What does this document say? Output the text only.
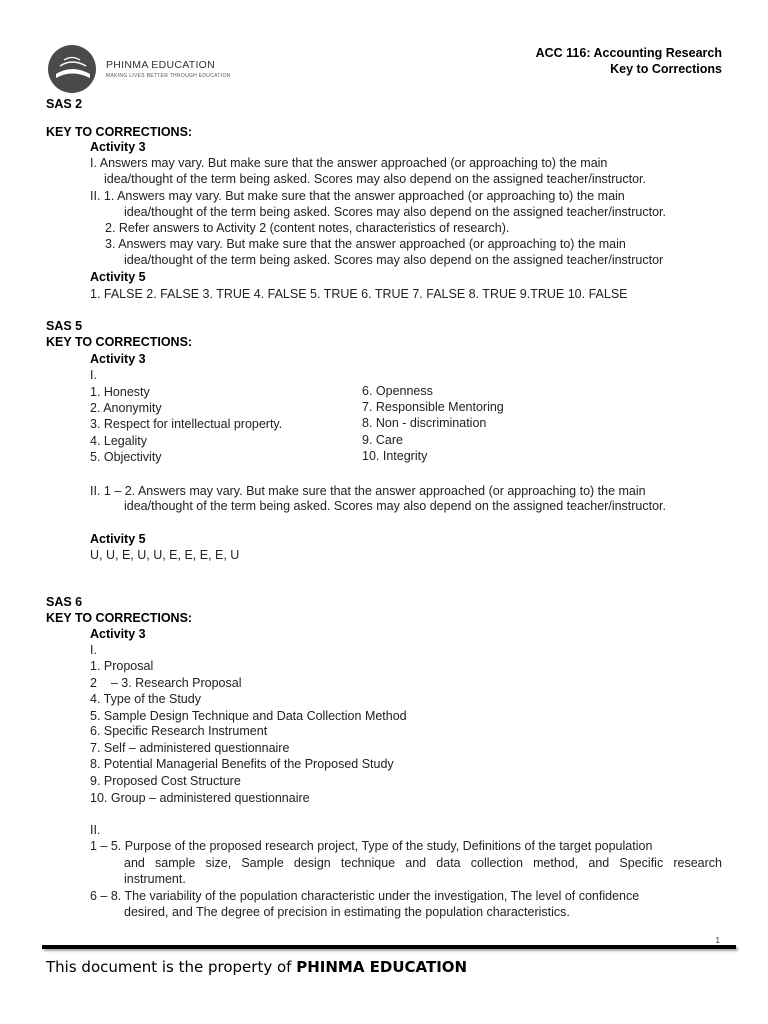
PHINMA EDUCATION
MAKING LIVES BETTER THROUGH EDUCATION
ACC 116: Accounting Research
Key to Corrections
SAS 2
KEY TO CORRECTIONS:
Activity 3
I. Answers may vary. But make sure that the answer approached (or approaching to) the main
idea/thought of the term being asked. Scores may also depend on the assigned teacher/instructor.
II. 1. Answers may vary. But make sure that the answer approached (or approaching to) the main
idea/thought of the term being asked. Scores may also depend on the assigned teacher/instructor.
2. Refer answers to Activity 2 (content notes, characteristics of research).
3. Answers may vary. But make sure that the answer approached (or approaching to) the main
idea/thought of the term being asked. Scores may also depend on the assigned teacher/instructor
Activity 5
1. FALSE 2. FALSE 3. TRUE 4. FALSE 5. TRUE 6. TRUE 7. FALSE 8. TRUE 9.TRUE 10. FALSE
SAS 5
KEY TO CORRECTIONS:
Activity 3
I.
1. Honesty
2. Anonymity
3. Respect for intellectual property.
4. Legality
5. Objectivity
6. Openness
7. Responsible Mentoring
8. Non - discrimination
9. Care
10. Integrity
II. 1 – 2. Answers may vary. But make sure that the answer approached (or approaching to) the main
idea/thought of the term being asked. Scores may also depend on the assigned teacher/instructor.
Activity 5
U, U, E, U, U, E, E, E, E, U
SAS 6
KEY TO CORRECTIONS:
Activity 3
I.
1. Proposal
2    – 3. Research Proposal
4. Type of the Study
5. Sample Design Technique and Data Collection Method
6. Specific Research Instrument
7. Self – administered questionnaire
8. Potential Managerial Benefits of the Proposed Study
9. Proposed Cost Structure
10. Group – administered questionnaire
II.
1 – 5. Purpose of the proposed research project, Type of the study, Definitions of the target population
and sample size, Sample design technique and data collection method, and Specific research
instrument.
6 – 8. The variability of the population characteristic under the investigation, The level of confidence
desired, and The degree of precision in estimating the population characteristics.
1
This document is the property of PHINMA EDUCATION
